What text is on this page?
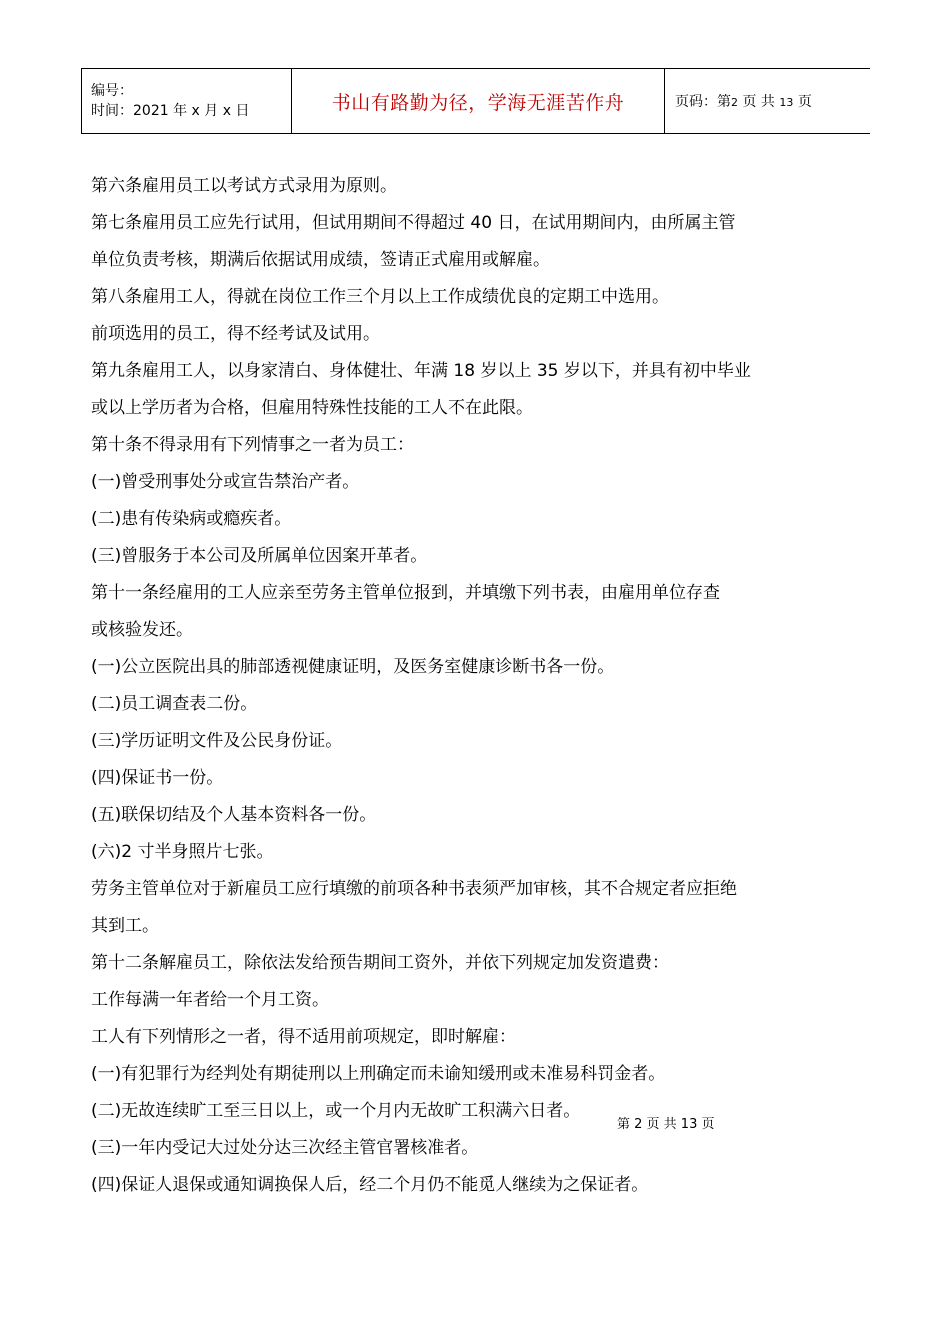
编号：
时间：2021 年 x 月 x 日	书山有路勤为径，学海无涯苦作舟	页码：第2 页 共 13 页

第六条雇用员工以考试方式录用为原则。

第七条雇用员工应先行试用，但试用期间不得超过 40 日，在试用期间内，由所属主管

单位负责考核，期满后依据试用成绩，签请正式雇用或解雇。

第八条雇用工人，得就在岗位工作三个月以上工作成绩优良的定期工中选用。

前项选用的员工，得不经考试及试用。

第九条雇用工人，以身家清白、身体健壮、年满 18 岁以上 35 岁以下，并具有初中毕业

或以上学历者为合格，但雇用特殊性技能的工人不在此限。

第十条不得录用有下列情事之一者为员工：

(一)曾受刑事处分或宣告禁治产者。

(二)患有传染病或瘾疾者。

(三)曾服务于本公司及所属单位因案开革者。

第十一条经雇用的工人应亲至劳务主管单位报到，并填缴下列书表，由雇用单位存查

或核验发还。

(一)公立医院出具的肺部透视健康证明，及医务室健康诊断书各一份。

(二)员工调查表二份。

(三)学历证明文件及公民身份证。

(四)保证书一份。

(五)联保切结及个人基本资料各一份。

(六)2 寸半身照片七张。

劳务主管单位对于新雇员工应行填缴的前项各种书表须严加审核，其不合规定者应拒绝

其到工。

第十二条解雇员工，除依法发给预告期间工资外，并依下列规定加发资遣费：

工作每满一年者给一个月工资。

工人有下列情形之一者，得不适用前项规定，即时解雇：

(一)有犯罪行为经判处有期徒刑以上刑确定而未谕知缓刑或未准易科罚金者。

(二)无故连续旷工至三日以上，或一个月内无故旷工积满六日者。

(三)一年内受记大过处分达三次经主管官署核准者。

(四)保证人退保或通知调换保人后，经二个月仍不能觅人继续为之保证者。

第 2 页 共 13 页
